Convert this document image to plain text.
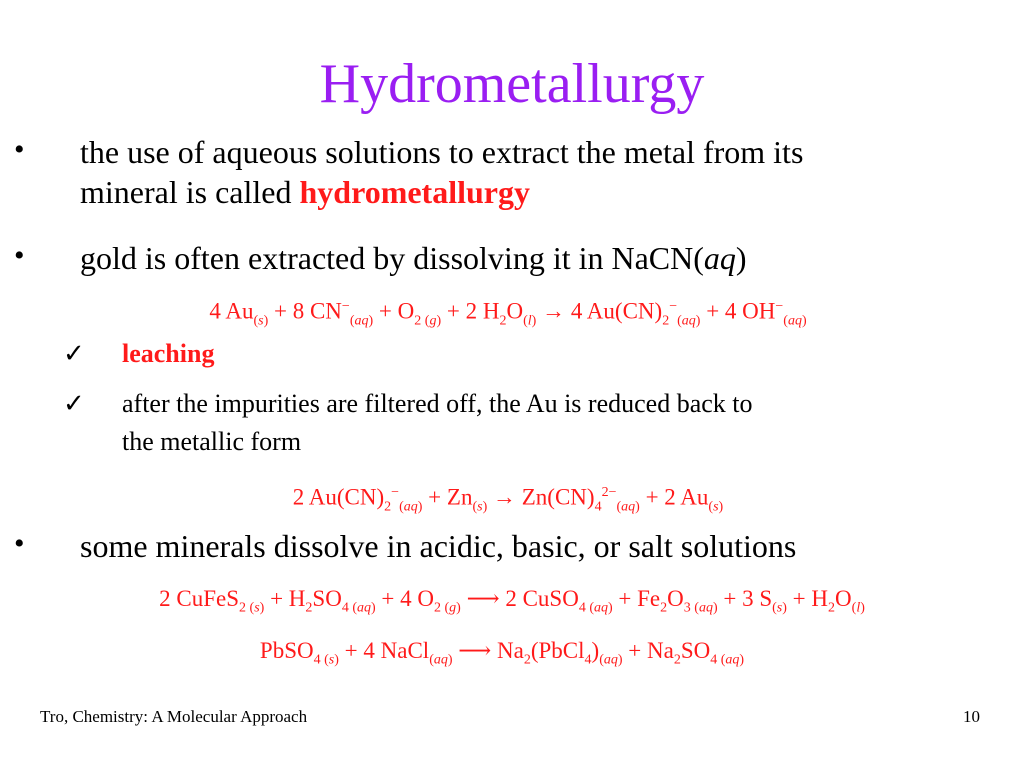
Hydrometallurgy
• the use of aqueous solutions to extract the metal from its
mineral is called hydrometallurgy
• gold is often extracted by dissolving it in NaCN(aq)
4 $Au_{(s)} + 8$ $CN^-_{(aq)} + O_{2 (g)} + 2$ $H_2O_{(l)} \to 4$ $Au(CN)_2^-_{(aq)} + 4$ $OH^-_{(aq)}$
✓ leaching
✓ after the impurities are filtered off, the Au is reduced back to
the metallic form
2 $Au(CN)_2^-_{(aq)} + Zn_{(s)} \to Zn(CN)_4^{2-}_{(aq)} + 2$ $Au_{(s)}$
• some minerals dissolve in acidic, basic, or salt solutions
2 CuFeS$_{2 (s)}$ + $H_2SO_{4 (aq)} + 4$ $O_{2 (g)}$ ⟶ 2 CuSO$_{4 (aq)}$ + $Fe_2O_{3 (aq)} + 3$ $S_{(s)} + H_2O_{(l)}$
PbSO$_{4 (s)}$ + 4 NaCl$_{(aq)}$ ⟶ $Na_2(PbCl_4)_{(aq)} + Na_2SO_{4 (aq)}$
Tro, Chemistry: A Molecular Approach	10
